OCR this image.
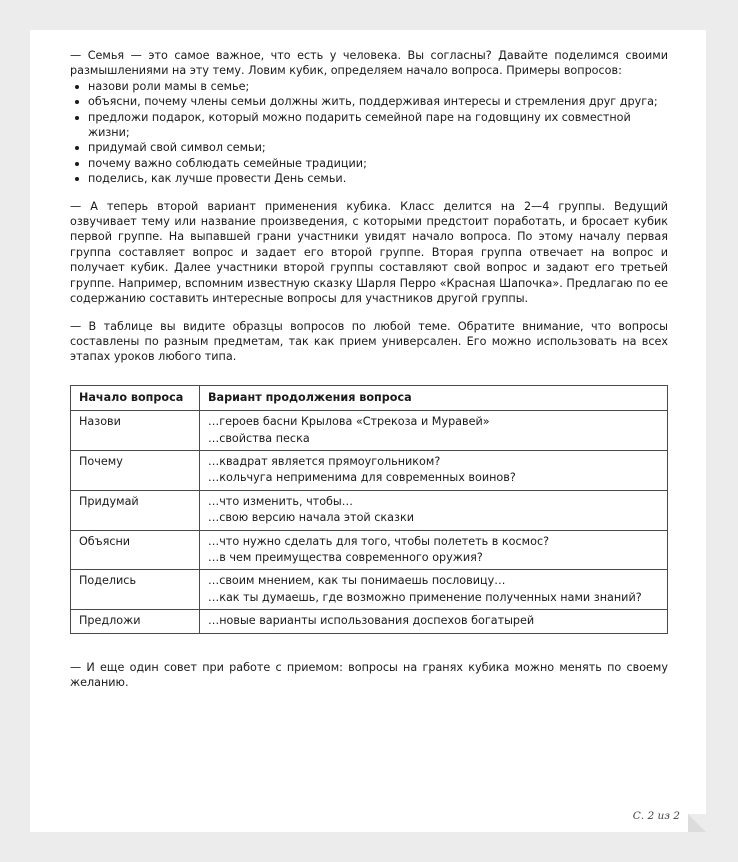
— Семья — это самое важное, что есть у человека. Вы согласны? Давайте поделимся своими размышлениями на эту тему. Ловим кубик, определяем начало вопроса. Примеры вопросов:

назови роли мамы в семье;
объясни, почему члены семьи должны жить, поддерживая интересы и стремления друг друга;
предложи подарок, который можно подарить семейной паре на годовщину их совместной жизни;
придумай свой символ семьи;
почему важно соблюдать семейные традиции;
поделись, как лучше провести День семьи.

— А теперь второй вариант применения кубика. Класс делится на 2—4 группы. Ведущий озвучивает тему или название произведения, с которыми предстоит поработать, и бросает кубик первой группе. На выпавшей грани участники увидят начало вопроса. По этому началу первая группа составляет вопрос и задает его второй группе. Вторая группа отвечает на вопрос и получает кубик. Далее участники второй группы составляют свой вопрос и задают его третьей группе. Например, вспомним известную сказку Шарля Перро «Красная Шапочка». Предлагаю по ее содержанию составить интересные вопросы для участников другой группы.

— В таблице вы видите образцы вопросов по любой теме. Обратите внимание, что вопросы составлены по разным предметам, так как прием универсален. Его можно использовать на всех этапах уроков любого типа.

Начало вопроса	Вариант продолжения вопроса
Назови	…героев басни Крылова «Стрекоза и Муравей»
…свойства песка

Почему	…квадрат является прямоугольником?
…кольчуга неприменима для современных воинов?

Придумай	…что изменить, чтобы…
…свою версию начала этой сказки

Объясни	…что нужно сделать для того, чтобы полететь в космос?
…в чем преимущества современного оружия?

Поделись	…своим мнением, как ты понимаешь пословицу…
…как ты думаешь, где возможно применение полученных нами знаний?

Предложи	…новые варианты использования доспехов богатырей

— И еще один совет при работе с приемом: вопросы на гранях кубика можно менять по своему желанию.

С. 2 из 2
